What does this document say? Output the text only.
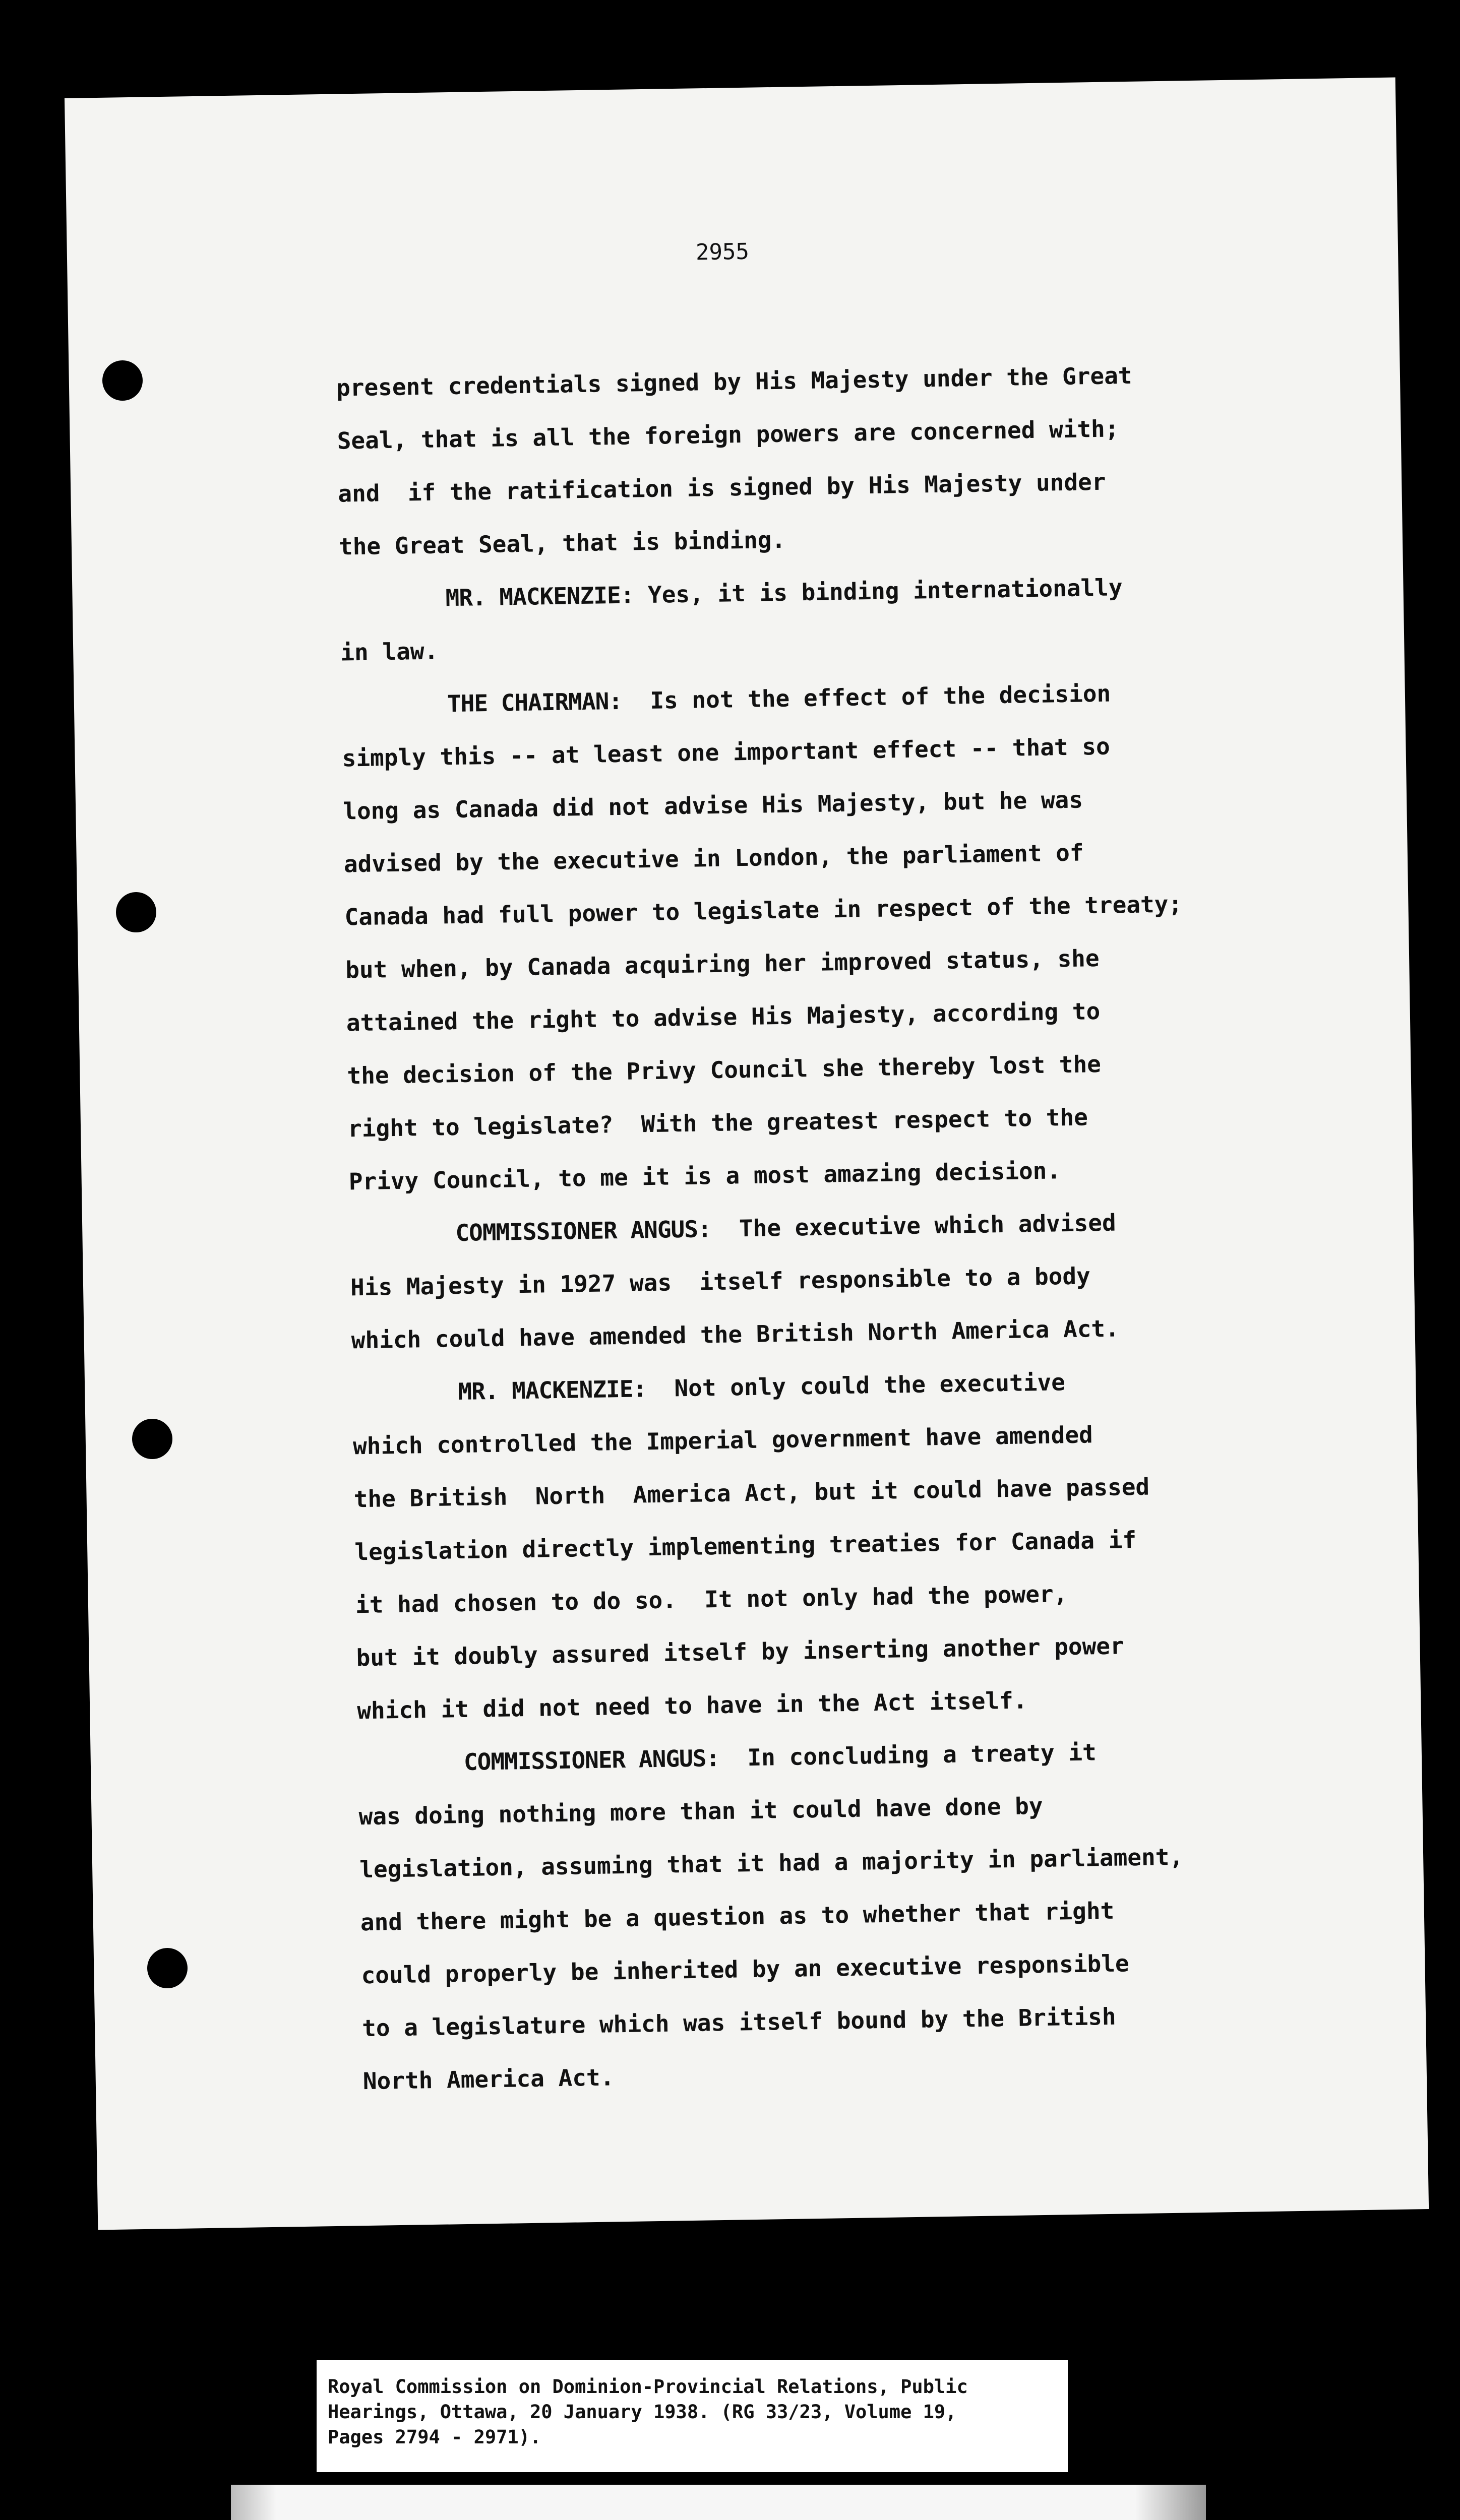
2955
present credentials signed by His Majesty under the Great
Seal, that is all the foreign powers are concerned with;
and  if the ratification is signed by His Majesty under
the Great Seal, that is binding.
MR. MACKENZIE: Yes, it is binding internationally
in law.
THE CHAIRMAN: Is not the effect of the decision
simply this -- at least one important effect -- that so
long as Canada did not advise His Majesty, but he was
advised by the executive in London, the parliament of
Canada had full power to legislate in respect of the treaty;
but when, by Canada acquiring her improved status, she
attained the right to advise His Majesty, according to
the decision of the Privy Council she thereby lost the
right to legislate?  With the greatest respect to the
Privy Council, to me it is a most amazing decision.
COMMISSIONER ANGUS: The executive which advised
His Majesty in 1927 was  itself responsible to a body
which could have amended the British North America Act.
MR. MACKENZIE: Not only could the executive
which controlled the Imperial government have amended
the British  North  America Act, but it could have passed
legislation directly implementing treaties for Canada if
it had chosen to do so.  It not only had the power,
but it doubly assured itself by inserting another power
which it did not need to have in the Act itself.
COMMISSIONER ANGUS: In concluding a treaty it
was doing nothing more than it could have done by
legislation, assuming that it had a majority in parliament,
and there might be a question as to whether that right
could properly be inherited by an executive responsible
to a legislature which was itself bound by the British
North America Act.
Royal Commission on Dominion-Provincial Relations, Public
Hearings, Ottawa, 20 January 1938. (RG 33/23, Volume 19,
Pages 2794 - 2971).
